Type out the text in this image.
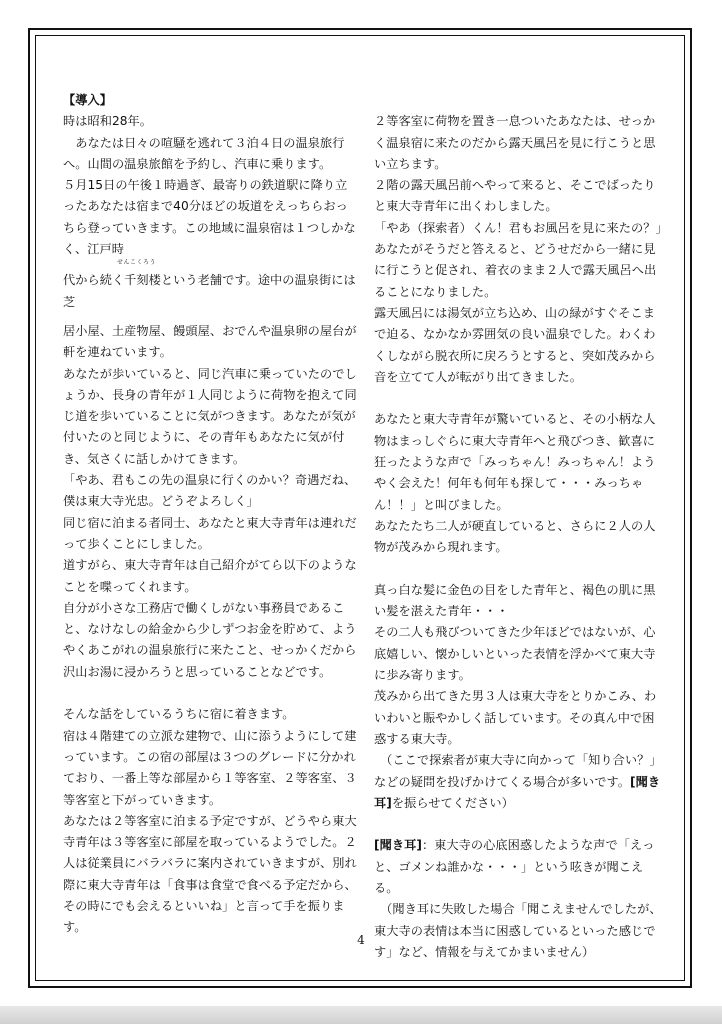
【導入】

時は昭和28年。

　あなたは日々の喧騒を逃れて３泊４日の温泉旅行へ。山間の温泉旅館を予約し、汽車に乗ります。

５月15日の午後１時過ぎ、最寄りの鉄道駅に降り立ったあなたは宿まで40分ほどの坂道をえっちらおっちら登っていきます。この地域に温泉宿は１つしかなく、江戸時

せんこくろう

代から続く千刻楼という老舗です。途中の温泉街には芝

居小屋、土産物屋、饅頭屋、おでんや温泉卵の屋台が軒を連ねています。

あなたが歩いていると、同じ汽車に乗っていたのでしょうか、長身の青年が１人同じように荷物を抱えて同じ道を歩いていることに気がつきます。あなたが気が付いたのと同じように、その青年もあなたに気が付き、気さくに話しかけてきます。

「やあ、君もこの先の温泉に行くのかい？奇遇だね、僕は東大寺光忠。どうぞよろしく」

同じ宿に泊まる者同士、あなたと東大寺青年は連れだって歩くことにしました。

道すがら、東大寺青年は自己紹介がてら以下のようなことを喋ってくれます。

自分が小さな工務店で働くしがない事務員であること、なけなしの給金から少しずつお金を貯めて、ようやくあこがれの温泉旅行に来たこと、せっかくだから沢山お湯に浸かろうと思っていることなどです。

そんな話をしているうちに宿に着きます。

宿は４階建ての立派な建物で、山に添うようにして建っています。この宿の部屋は３つのグレードに分かれており、一番上等な部屋から１等客室、２等客室、３等客室と下がっていきます。

あなたは２等客室に泊まる予定ですが、どうやら東大寺青年は３等客室に部屋を取っているようでした。２人は従業員にバラバラに案内されていきますが、別れ際に東大寺青年は「食事は食堂で食べる予定だから、その時にでも会えるといいね」と言って手を振ります。

２等客室に荷物を置き一息ついたあなたは、せっかく温泉宿に来たのだから露天風呂を見に行こうと思い立ちます。

２階の露天風呂前へやって来ると、そこでばったりと東大寺青年に出くわしました。

「やあ（探索者）くん！君もお風呂を見に来たの？」

あなたがそうだと答えると、どうせだから一緒に見に行こうと促され、着衣のまま２人で露天風呂へ出ることになりました。

露天風呂には湯気が立ち込め、山の緑がすぐそこまで迫る、なかなか雰囲気の良い温泉でした。わくわくしながら脱衣所に戻ろうとすると、突如茂みから音を立てて人が転がり出てきました。

あなたと東大寺青年が驚いていると、その小柄な人物はまっしぐらに東大寺青年へと飛びつき、歓喜に狂ったような声で「みっちゃん！みっちゃん！ようやく会えた！何年も何年も探して・・・みっちゃん！！」と叫びました。

あなたたち二人が硬直していると、さらに２人の人物が茂みから現れます。

真っ白な髪に金色の目をした青年と、褐色の肌に黒い髪を湛えた青年・・・

その二人も飛びついてきた少年ほどではないが、心底嬉しい、懐かしいといった表情を浮かべて東大寺に歩み寄ります。

茂みから出てきた男３人は東大寺をとりかこみ、わいわいと賑やかしく話しています。その真ん中で困惑する東大寺。

　（ここで探索者が東大寺に向かって「知り合い？」などの疑問を投げかけてくる場合が多いです。[聞き耳]を振らせてください）

[聞き耳]：東大寺の心底困惑したような声で「えっと、ゴメンね誰かな・・・」という呟きが聞こえる。

　（聞き耳に失敗した場合「聞こえませんでしたが、東大寺の表情は本当に困惑しているといった感じです」など、情報を与えてかまいません）

4
